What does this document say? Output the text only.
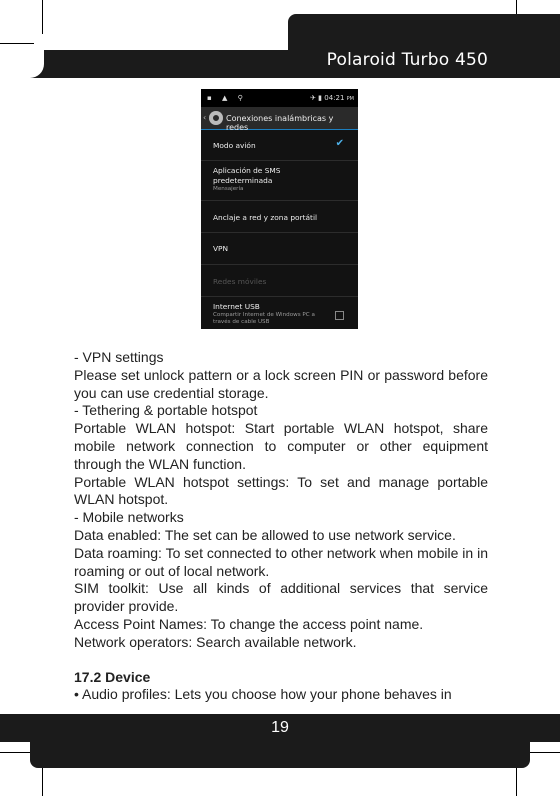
Polaroid Turbo 450
▪ ▲ ⚲	✈ ▮ 04:21 PM
‹ Conexiones inalámbricas y redes
Modo avión	✔
Aplicación de SMS predeterminada
Mensajería
Anclaje a red y zona portátil
VPN
Redes móviles
Internet USB
Compartir Internet de Windows PC a través de cable USB

- VPN settings

Please set unlock pattern or a lock screen PIN or password before you can use credential storage.

- Tethering & portable hotspot

Portable WLAN hotspot: Start portable WLAN hotspot, share mobile network connection to computer or other equipment through the WLAN function.

Portable WLAN hotspot settings: To set and manage portable WLAN hotspot.

- Mobile networks

Data enabled: The set can be allowed to use network service.

Data roaming: To set connected to other network when mobile in in roaming or out of local network.

SIM toolkit: Use all kinds of additional services that service provider provide.

Access Point Names: To change the access point name.

Network operators: Search available network.

17.2 Device

• Audio profiles: Lets you choose how your phone behaves in

19
